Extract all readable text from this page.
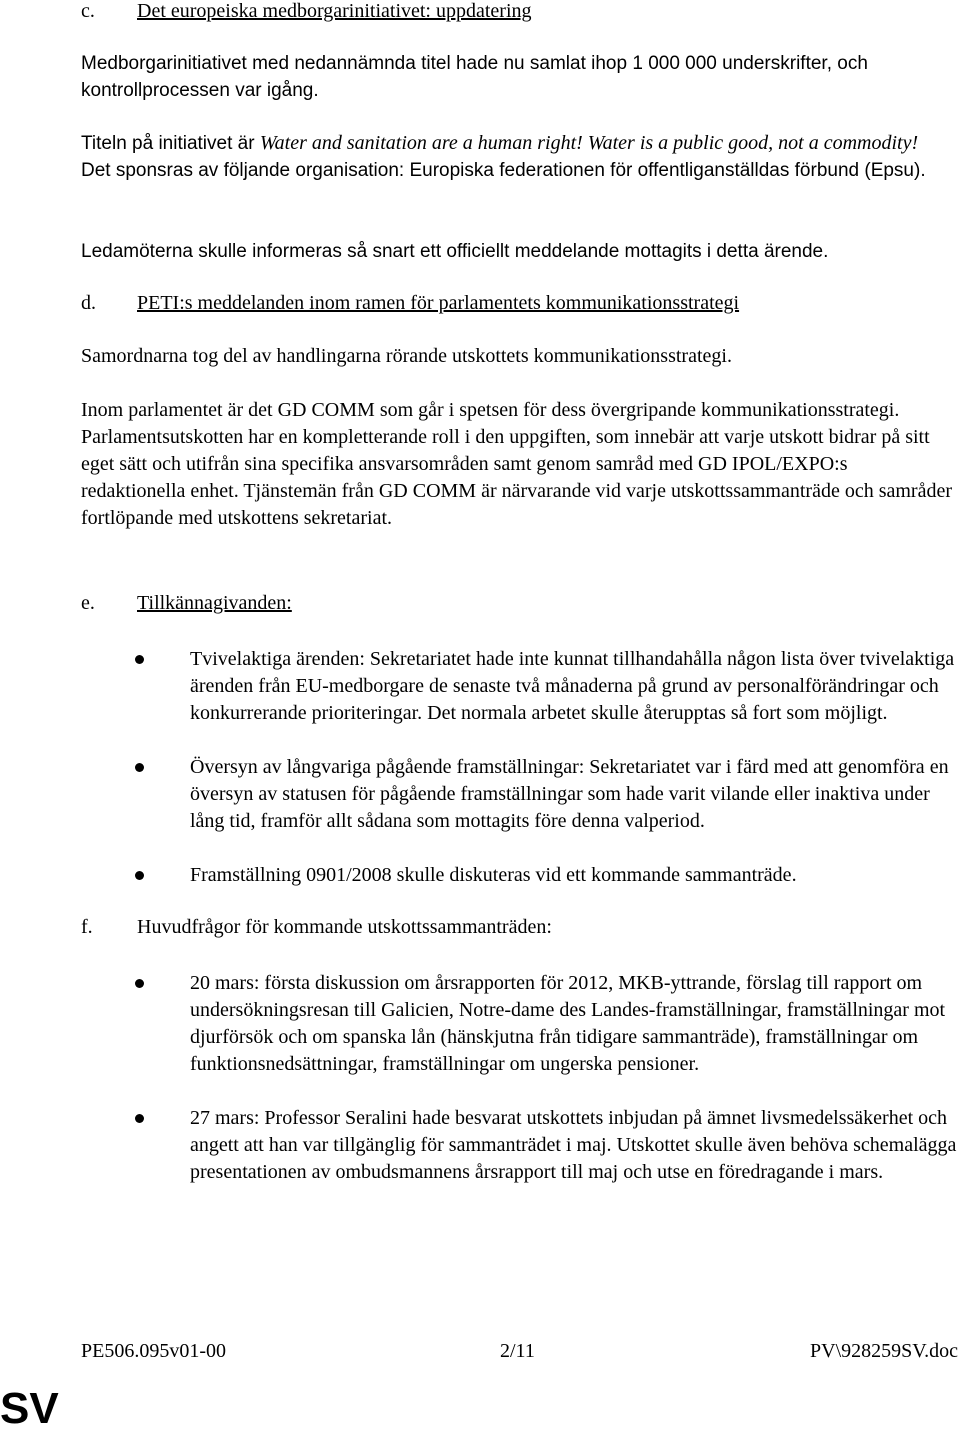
c. Det europeiska medborgarinitiativet: uppdatering

Medborgarinitiativet med nedannämnda titel hade nu samlat ihop 1 000 000 underskrifter, och kontrollprocessen var igång.

Titeln på initiativet är Water and sanitation are a human right! Water is a public good, not a commodity! Det sponsras av följande organisation: Europiska federationen för offentliganställdas förbund (Epsu).

Ledamöterna skulle informeras så snart ett officiellt meddelande mottagits i detta ärende.

d. PETI:s meddelanden inom ramen för parlamentets kommunikationsstrategi

Samordnarna tog del av handlingarna rörande utskottets kommunikationsstrategi.

Inom parlamentet är det GD COMM som går i spetsen för dess övergripande kommunikationsstrategi. Parlamentsutskotten har en kompletterande roll i den uppgiften, som innebär att varje utskott bidrar på sitt eget sätt och utifrån sina specifika ansvarsområden samt genom samråd med GD IPOL/EXPO:s redaktionella enhet. Tjänstemän från GD COMM är närvarande vid varje utskottssammanträde och samråder fortlöpande med utskottens sekretariat.

e. Tillkännagivanden:

Tvivelaktiga ärenden: Sekretariatet hade inte kunnat tillhandahålla någon lista över tvivelaktiga ärenden från EU-medborgare de senaste två månaderna på grund av personalförändringar och konkurrerande prioriteringar. Det normala arbetet skulle återupptas så fort som möjligt.

Översyn av långvariga pågående framställningar: Sekretariatet var i färd med att genomföra en översyn av statusen för pågående framställningar som hade varit vilande eller inaktiva under lång tid, framför allt sådana som mottagits före denna valperiod.

Framställning 0901/2008 skulle diskuteras vid ett kommande sammanträde.

f. Huvudfrågor för kommande utskottssammanträden:

20 mars: första diskussion om årsrapporten för 2012, MKB-yttrande, förslag till rapport om undersökningsresan till Galicien, Notre-dame des Landes-framställningar, framställningar mot djurförsök och om spanska lån (hänskjutna från tidigare sammanträde), framställningar om funktionsnedsättningar, framställningar om ungerska pensioner.

27 mars: Professor Seralini hade besvarat utskottets inbjudan på ämnet livsmedelssäkerhet och angett att han var tillgänglig för sammanträdet i maj. Utskottet skulle även behöva schemalägga presentationen av ombudsmannens årsrapport till maj och utse en föredragande i mars.

PE506.095v01-00	2/11	PV\928259SV.doc
SV
